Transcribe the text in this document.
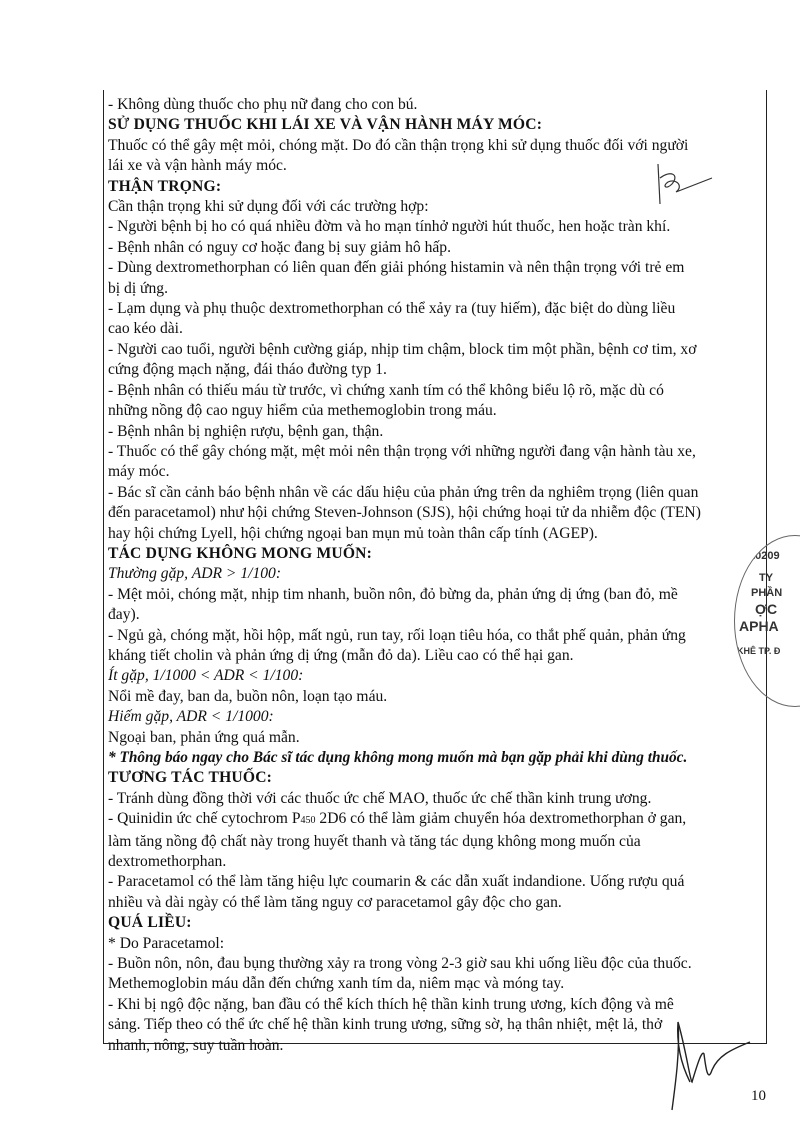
- Không dùng thuốc cho phụ nữ đang cho con bú.

SỬ DỤNG THUỐC KHI LÁI XE VÀ VẬN HÀNH MÁY MÓC:

Thuốc có thể gây mệt mỏi, chóng mặt. Do đó cần thận trọng khi sử dụng thuốc đối với người

lái xe và vận hành máy móc.

THẬN TRỌNG:

Cần thận trọng khi sử dụng đối với các trường hợp:

- Người bệnh bị ho có quá nhiều đờm và ho mạn tínhở người hút thuốc, hen hoặc tràn khí.

- Bệnh nhân có nguy cơ hoặc đang bị suy giảm hô hấp.

- Dùng dextromethorphan có liên quan đến giải phóng histamin và nên thận trọng với trẻ em

bị dị ứng.

- Lạm dụng và phụ thuộc dextromethorphan có thể xảy ra (tuy hiếm), đặc biệt do dùng liều

cao kéo dài.

- Người cao tuổi, người bệnh cường giáp, nhịp tim chậm, block tim một phần, bệnh cơ tim, xơ

cứng động mạch nặng, đái tháo đường typ 1.

- Bệnh nhân có thiếu máu từ trước, vì chứng xanh tím có thể không biểu lộ rõ, mặc dù có

những nồng độ cao nguy hiểm của methemoglobin trong máu.

- Bệnh nhân bị nghiện rượu, bệnh gan, thận.

- Thuốc có thể gây chóng mặt, mệt mỏi nên thận trọng với những người đang vận hành tàu xe,

máy móc.

- Bác sĩ cần cảnh báo bệnh nhân về các dấu hiệu của phản ứng trên da nghiêm trọng (liên quan

đến paracetamol) như hội chứng Steven-Johnson (SJS), hội chứng hoại tử da nhiễm độc (TEN)

hay hội chứng Lyell, hội chứng ngoại ban mụn mủ toàn thân cấp tính (AGEP).

TÁC DỤNG KHÔNG MONG MUỐN:

Thường gặp, ADR > 1/100:

- Mệt mỏi, chóng mặt, nhịp tim nhanh, buồn nôn, đỏ bừng da, phản ứng dị ứng (ban đỏ, mề

đay).

- Ngủ gà, chóng mặt, hồi hộp, mất ngủ, run tay, rối loạn tiêu hóa, co thắt phế quản, phản ứng

kháng tiết cholin và phản ứng dị ứng (mẫn đỏ da). Liều cao có thể hại gan.

Ít gặp, 1/1000 < ADR < 1/100:

Nổi mề đay, ban da, buồn nôn, loạn tạo máu.

Hiếm gặp, ADR < 1/1000:

Ngoại ban, phản ứng quá mẫn.

* Thông báo ngay cho Bác sĩ tác dụng không mong muốn mà bạn gặp phải khi dùng thuốc.

TƯƠNG TÁC THUỐC:

- Tránh dùng đồng thời với các thuốc ức chế MAO, thuốc ức chế thần kinh trung ương.

- Quinidin ức chế cytochrom P450 2D6 có thể làm giảm chuyển hóa dextromethorphan ở gan,

làm tăng nồng độ chất này trong huyết thanh và tăng tác dụng không mong muốn của

dextromethorphan.

- Paracetamol có thể làm tăng hiệu lực coumarin & các dẫn xuất indandione. Uống rượu quá

nhiều và dài ngày có thể làm tăng nguy cơ paracetamol gây độc cho gan.

QUÁ LIỀU:

* Do Paracetamol:

- Buồn nôn, nôn, đau bụng thường xảy ra trong vòng 2-3 giờ sau khi uống liều độc của thuốc.

Methemoglobin máu dẫn đến chứng xanh tím da, niêm mạc và móng tay.

- Khi bị ngộ độc nặng, ban đầu có thể kích thích hệ thần kinh trung ương, kích động và mê

sảng. Tiếp theo có thể ức chế hệ thần kinh trung ương, sững sờ, hạ thân nhiệt, mệt lả, thở

nhanh, nông, suy tuần hoàn.

10209
TY
PHẦN
ỢC
APHA
KHÊ TP. Đ
10
